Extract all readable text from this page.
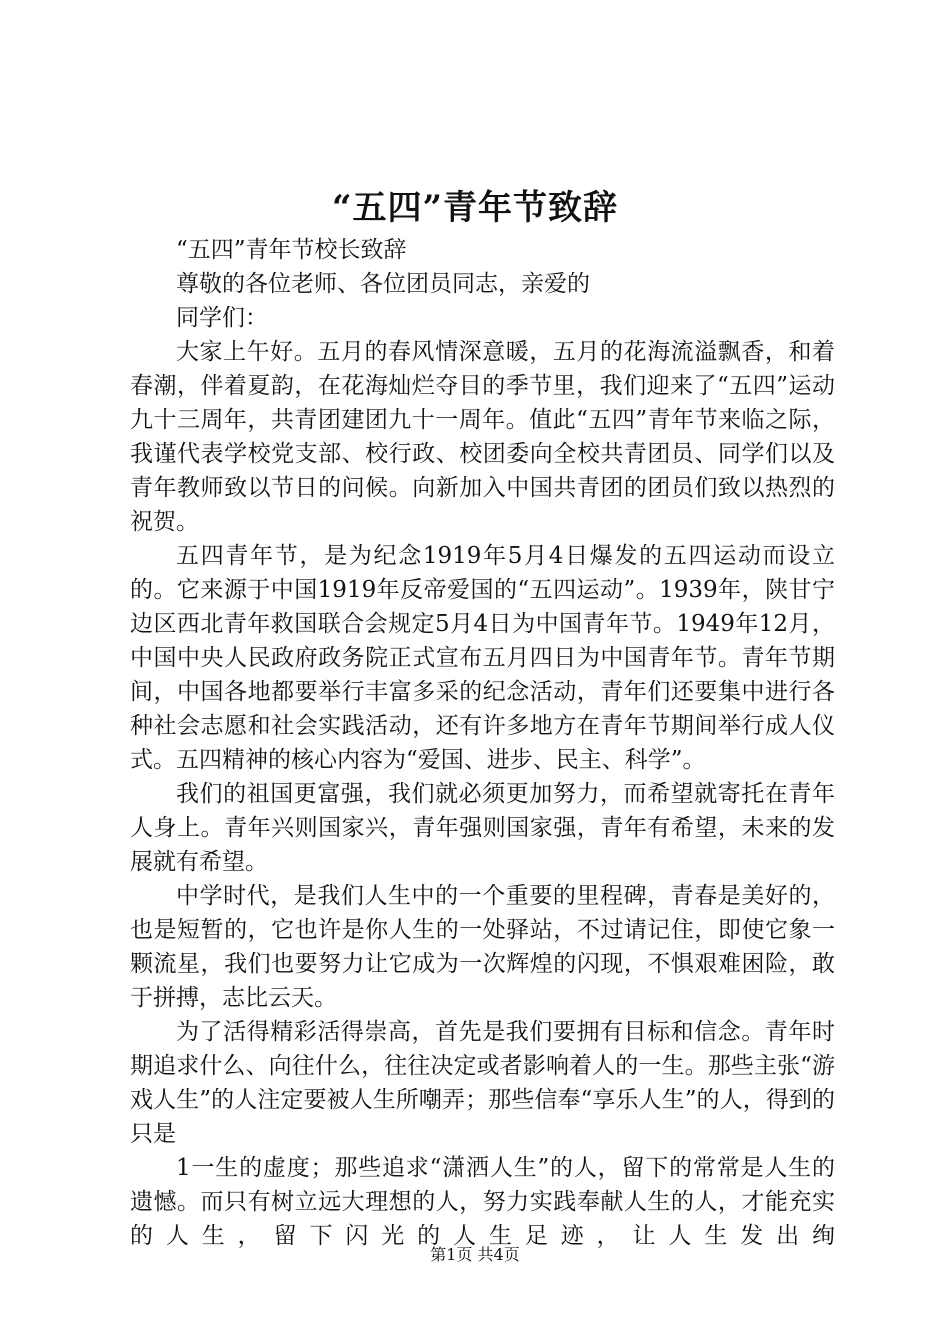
“五四”青年节致辞

“五四”青年节校长致辞

尊敬的各位老师、各位团员同志，亲爱的

同学们：

大家上午好。五月的春风情深意暖，五月的花海流溢飘香，和着春潮，伴着夏韵，在花海灿烂夺目的季节里，我们迎来了“五四”运动九十三周年，共青团建团九十一周年。值此“五四”青年节来临之际，我谨代表学校党支部、校行政、校团委向全校共青团员、同学们以及青年教师致以节日的问候。向新加入中国共青团的团员们致以热烈的祝贺。

五四青年节，是为纪念1919年5月4日爆发的五四运动而设立的。它来源于中国1919年反帝爱国的“五四运动”。1939年，陕甘宁边区西北青年救国联合会规定5月4日为中国青年节。1949年12月，中国中央人民政府政务院正式宣布五月四日为中国青年节。青年节期间，中国各地都要举行丰富多采的纪念活动，青年们还要集中进行各种社会志愿和社会实践活动，还有许多地方在青年节期间举行成人仪式。五四精神的核心内容为“爱国、进步、民主、科学”。

我们的祖国更富强，我们就必须更加努力，而希望就寄托在青年人身上。青年兴则国家兴，青年强则国家强，青年有希望，未来的发展就有希望。

中学时代，是我们人生中的一个重要的里程碑，青春是美好的，也是短暂的，它也许是你人生的一处驿站，不过请记住，即使它象一颗流星，我们也要努力让它成为一次辉煌的闪现，不惧艰难困险，敢于拼搏，志比云天。

为了活得精彩活得崇高，首先是我们要拥有目标和信念。青年时期追求什么、向往什么，往往决定或者影响着人的一生。那些主张“游戏人生”的人注定要被人生所嘲弄；那些信奉“享乐人生”的人，得到的只是

1一生的虚度；那些追求“潇洒人生”的人，留下的常常是人生的遗憾。而只有树立远大理想的人，努力实践奉献人生的人，才能充实的人生，留下闪光的人生足迹，让人生发出绚

第1页 共4页
